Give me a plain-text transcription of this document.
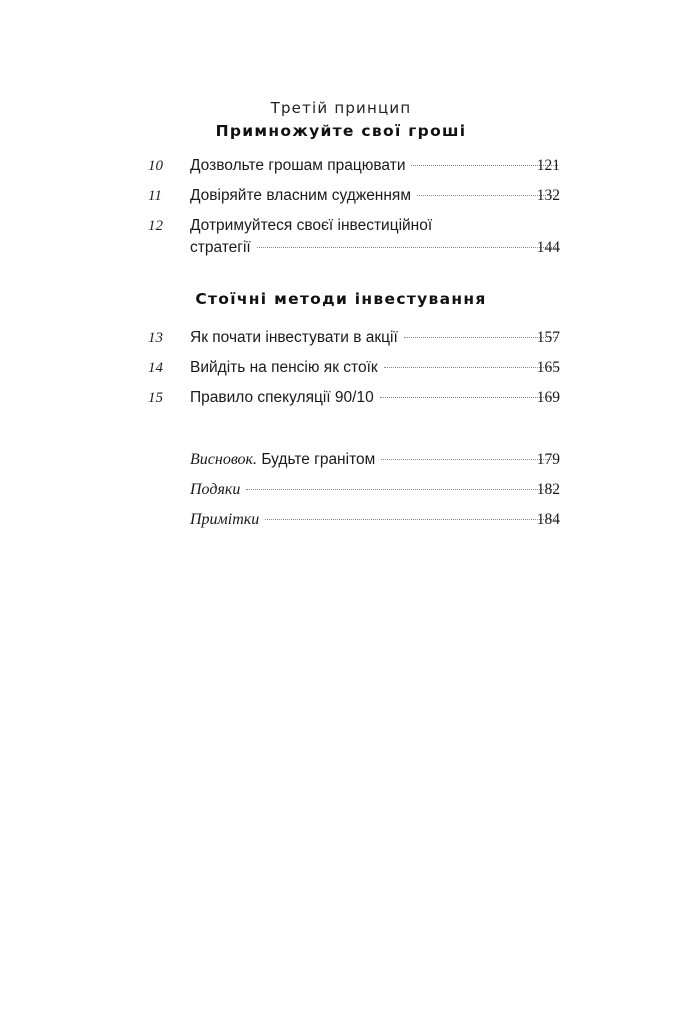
Третій принцип
Примножуйте свої гроші
10 Дозвольте грошам працювати	121
11 Довіряйте власним судженням	132
12 Дотримуйтеся своєї інвестиційної
стратегії	144
Стоїчні методи інвестування
13 Як почати інвестувати в акції	157
14 Вийдіть на пенсію як стоїк	165
15 Правило спекуляції 90/10	169
Висновок. Будьте гранітом	179
Подяки	182
Примітки	184
